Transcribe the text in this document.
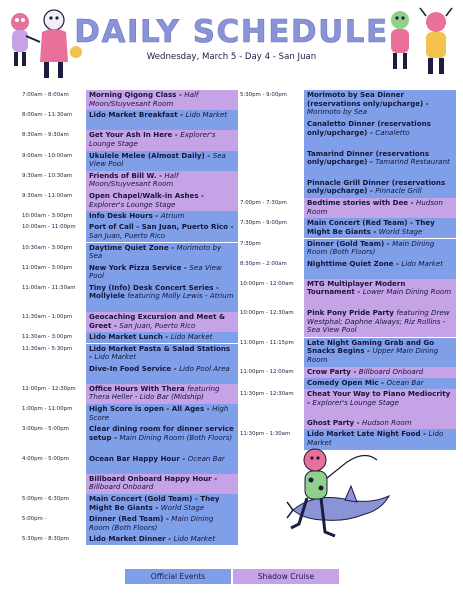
DAILY SCHEDULE
Wednesday, March 5 - Day 4 - San Juan
7:00am - 8:00am	Morning Qigong Class - Half Moon/Stuyvesant Room
8:00am - 11:30am	Lido Market Breakfast - Lido Market
8:30am - 9:30am	Get Your Ash In Here - Explorer's Lounge Stage
9:00am - 10:00am	Ukulele Melee (Almost Daily) - Sea View Pool
9:30am - 10:30am	Friends of Bill W. - Half Moon/Stuyvesant Room
9:30am - 11:00am	Open Chapel/Walk-in Ashes - Explorer's Lounge Stage
10:00am - 3:00pm	Info Desk Hours - Atrium
10:00am - 11:00pm	Port of Call - San Juan, Puerto Rico - San Juan, Puerto Rico
10:30am - 3:00pm	Daytime Quiet Zone - Morimoto by Sea
11:00am - 3:00pm	New York Pizza Service - Sea View Pool
11:00am - 11:30am	Tiny (Info) Desk Concert Series - Mollyiele featuring Molly Lewis - Atrium
11:30am - 1:00pm	Geocaching Excursion and Meet & Greet - San Juan, Puerto Rico
11:30am - 3:00pm	Lido Market Lunch - Lido Market
11:30am - 5:30pm	Lido Market Pasta & Salad Stations - Lido Market
Dive-In Food Service - Lido Pool Area
12:00pm - 12:30pm	Office Hours With Thera featuring Thera Heller - Lido Bar (Midship)
1:00pm - 11:00pm	High Score is open - All Ages - High Score
3:00pm - 5:00pm	Clear dining room for dinner service setup - Main Dining Room (Both Floors)
4:00pm - 5:00pm	Ocean Bar Happy Hour - Ocean Bar
Billboard Onboard Happy Hour - Billboard Onboard
5:00pm - 6:30pm	Main Concert (Gold Team) - They Might Be Giants - World Stage
5:00pm -	Dinner (Red Team) - Main Dining Room (Both Floors)
5:30pm - 8:30pm	Lido Market Dinner - Lido Market
5:30pm - 9:00pm	Morimoto by Sea Dinner (reservations only/upcharge) - Morimoto by Sea
Canaletto Dinner (reservations only/upcharge) - Canaletto
Tamarind Dinner (reservations only/upcharge) - Tamarind Restaurant
Pinnacle Grill Dinner (reservations only/upcharge) - Pinnacle Grill
7:00pm - 7:30pm	Bedtime stories with Dee - Hudson Room
7:30pm - 9:00pm	Main Concert (Red Team) - They Might Be Giants - World Stage
7:30pm	Dinner (Gold Team) - Main Dining Room (Both Floors)
8:30pm - 2:00am	Nighttime Quiet Zone - Lido Market
10:00pm - 12:00am	MTG Multiplayer Modern Tournament - Lower Main Dining Room
10:00pm - 12:30am	Pink Pony Pride Party featuring Drew Westphal; Daphne Always; Riz Rollins - Sea View Pool
11:00pm - 11:15pm	Late Night Gaming Grab and Go Snacks Begins - Upper Main Dining Room
11:00pm - 12:00am	Crow Party - Billboard Onboard
Comedy Open Mic - Ocean Bar
11:30pm - 12:30am	Cheat Your Way to Piano Mediocrity - Explorer's Lounge Stage
Ghost Party - Hudson Room
11:30pm - 1:30am	Lido Market Late Night Food - Lido Market
Official Events	Shadow Cruise
